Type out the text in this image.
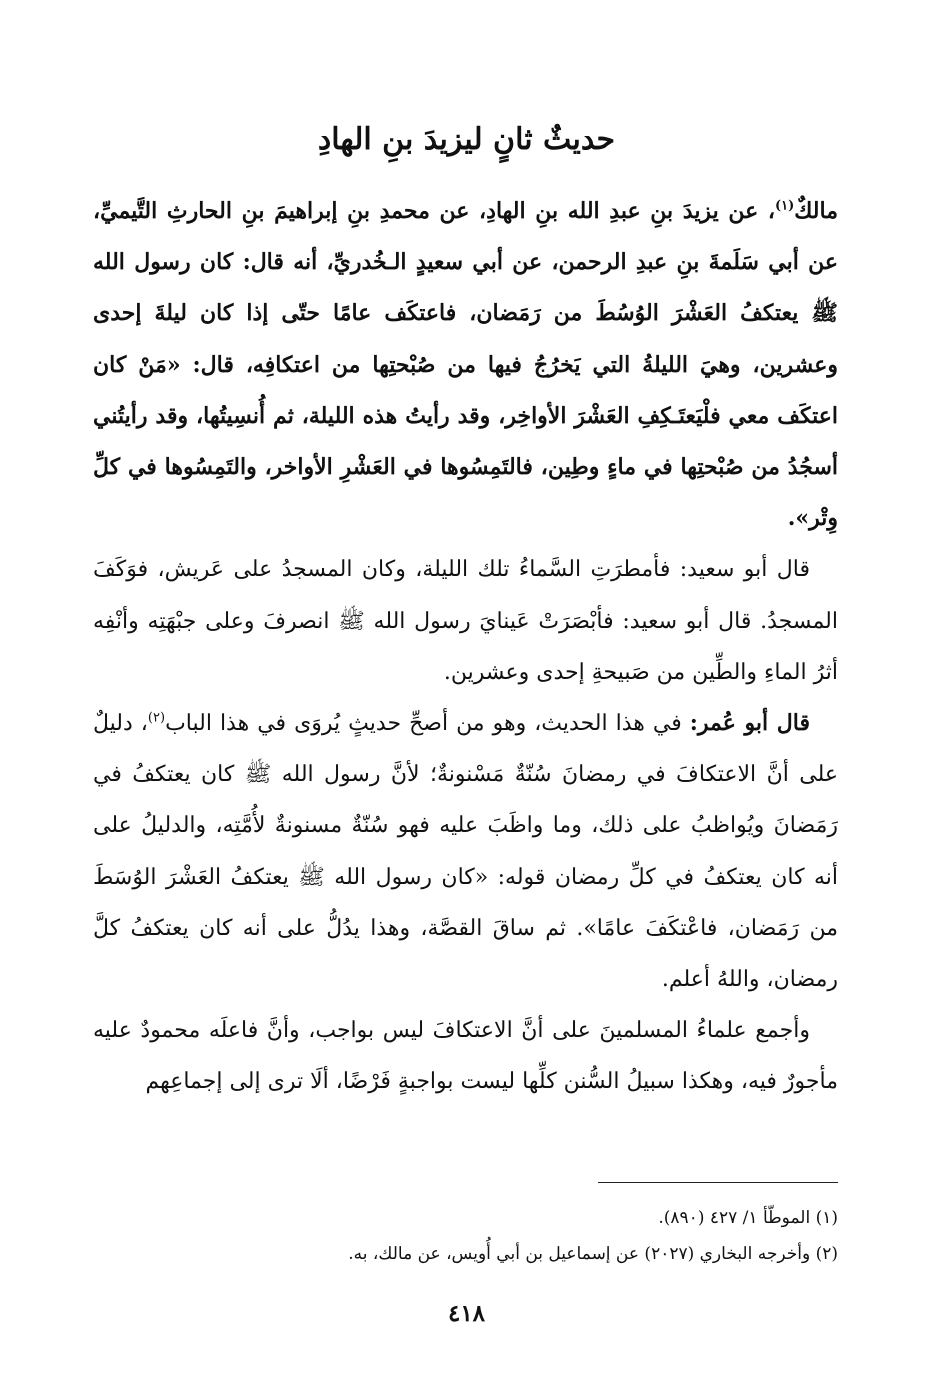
حديثٌ ثانٍ ليزيدَ بنِ الهادِ

مالكٌ$^{(١)}$، عن يزيدَ بنِ عبدِ الله بنِ الهادِ، عن محمدِ بنِ إبراهيمَ بنِ الحارثِ التَّيميِّ، عن أبي سَلَمةَ بنِ عبدِ الرحمن، عن أبي سعيدٍ الـخُدريِّ، أنه قال: كان رسول الله ﷺ يعتكفُ العَشْرَ الوُسُطَ من رَمَضان، فاعتكَف عامًا حتّى إذا كان ليلةَ إحدى وعشرين، وهيَ الليلةُ التي يَخرُجُ فيها من صُبْحتِها من اعتكافِه، قال: «مَنْ كان اعتكَف معي فلْيَعتَـكِفِ العَشْرَ الأواخِر، وقد رأيتُ هذه الليلة، ثم أُنسِيتُها، وقد رأيتُني أسجُدُ من صُبْحتِها في ماءٍ وطِين، فالتَمِسُوها في العَشْرِ الأواخر، والتَمِسُوها في كلِّ وِتْر».

قال أبو سعيد: فأمطرَتِ السَّماءُ تلك الليلة، وكان المسجدُ على عَريش، فوَكَفَ المسجدُ. قال أبو سعيد: فأبْصَرَتْ عَينايَ رسول الله ﷺ انصرفَ وعلى جبْهَتِه وأنْفِه أثرُ الماءِ والطِّين من صَبيحةِ إحدى وعشرين.

قال أبو عُمر: في هذا الحديث، وهو من أصحِّ حديثٍ يُروَى في هذا الباب$^{(٢)}$، دليلٌ على أنَّ الاعتكافَ في رمضانَ سُنّةٌ مَسْنونةٌ؛ لأنَّ رسول الله ﷺ كان يعتكفُ في رَمَضانَ ويُواظبُ على ذلك، وما واظَبَ عليه فهو سُنّةٌ مسنونةٌ لأُمَّتِه، والدليلُ على أنه كان يعتكفُ في كلِّ رمضان قوله: «كان رسول الله ﷺ يعتكفُ العَشْرَ الوُسَطَ من رَمَضان، فاعْتكَفَ عامًا». ثم ساقَ القصَّة، وهذا يدُلُّ على أنه كان يعتكفُ كلَّ رمضان، واللهُ أعلم.

وأجمع علماءُ المسلمينَ على أنَّ الاعتكافَ ليس بواجب، وأنَّ فاعلَه محمودٌ عليه مأجورٌ فيه، وهكذا سبيلُ السُّنن كلِّها ليست بواجبةٍ فَرْضًا، ألَا ترى إلى إجماعِهم

(١) الموطّأ ١/ ٤٢٧ (٨٩٠).

(٢) وأخرجه البخاري (٢٠٢٧) عن إسماعيل بن أبي أُويس، عن مالك، به.

٤١٨
